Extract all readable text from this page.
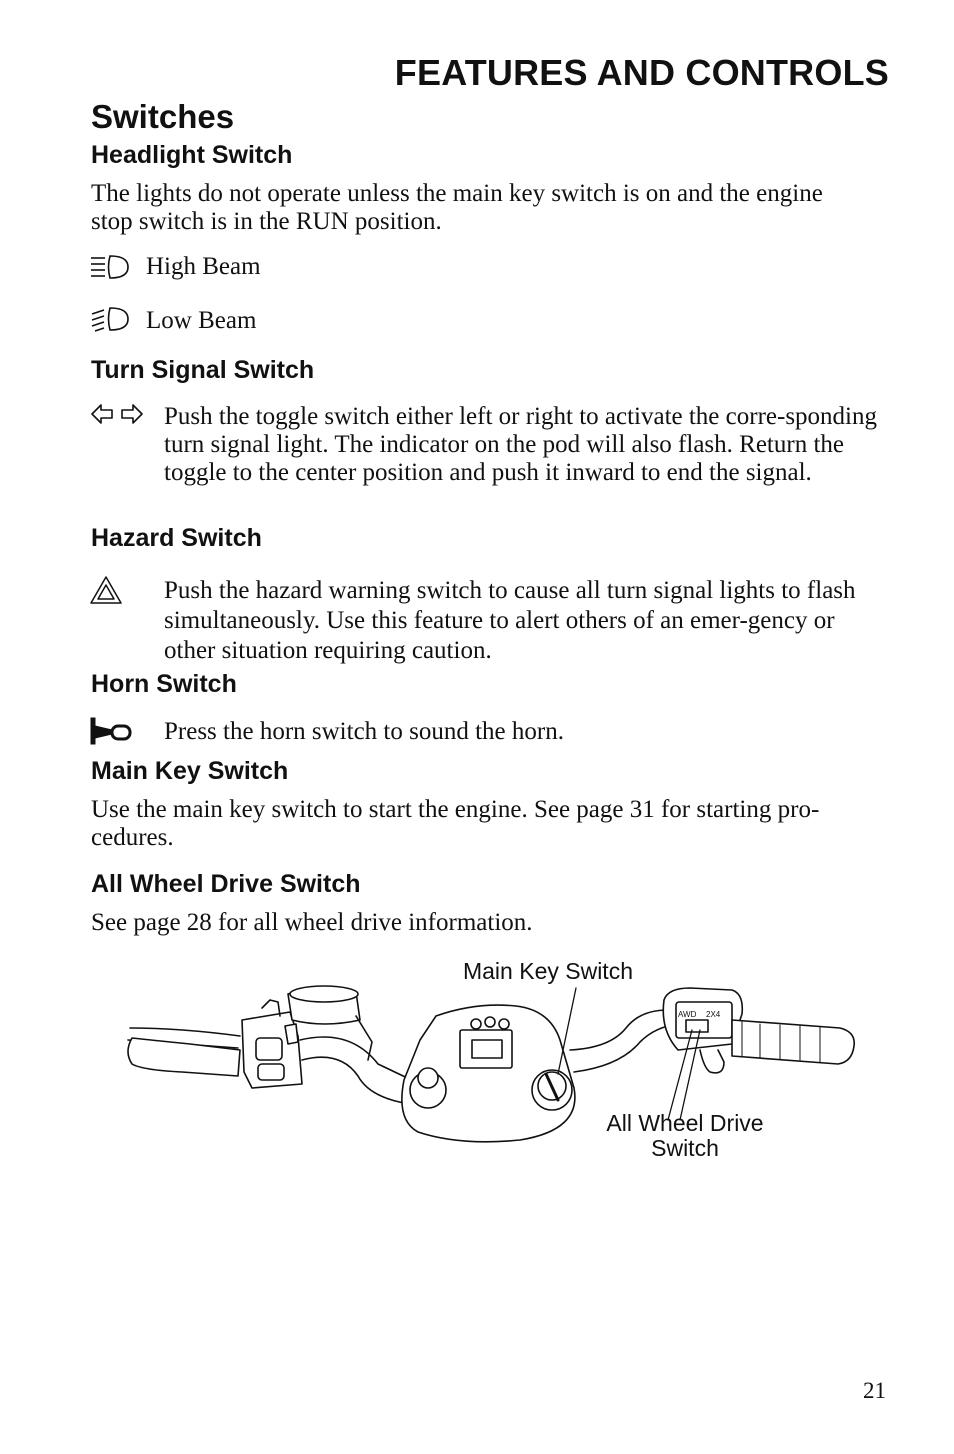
FEATURES AND CONTROLS
Switches
Headlight Switch
The lights do not operate unless the main key switch is on and the engine stop switch is in the RUN position.
High Beam
Low Beam
Turn Signal Switch
Push the toggle switch either left or right to activate the corre-sponding turn signal light. The indicator on the pod will also flash. Return the toggle to the center position and push it inward to end the signal.
Hazard Switch
Push the hazard warning switch to cause all turn signal lights to flash simultaneously. Use this feature to alert others of an emer-gency or other situation requiring caution.
Horn Switch
Press the horn switch to sound the horn.
Main Key Switch
Use the main key switch to start the engine. See page 31 for starting pro-cedures.
All Wheel Drive Switch
See page 28 for all wheel drive information.
AWD 2X4
Main Key Switch
All Wheel Drive
Switch
21
